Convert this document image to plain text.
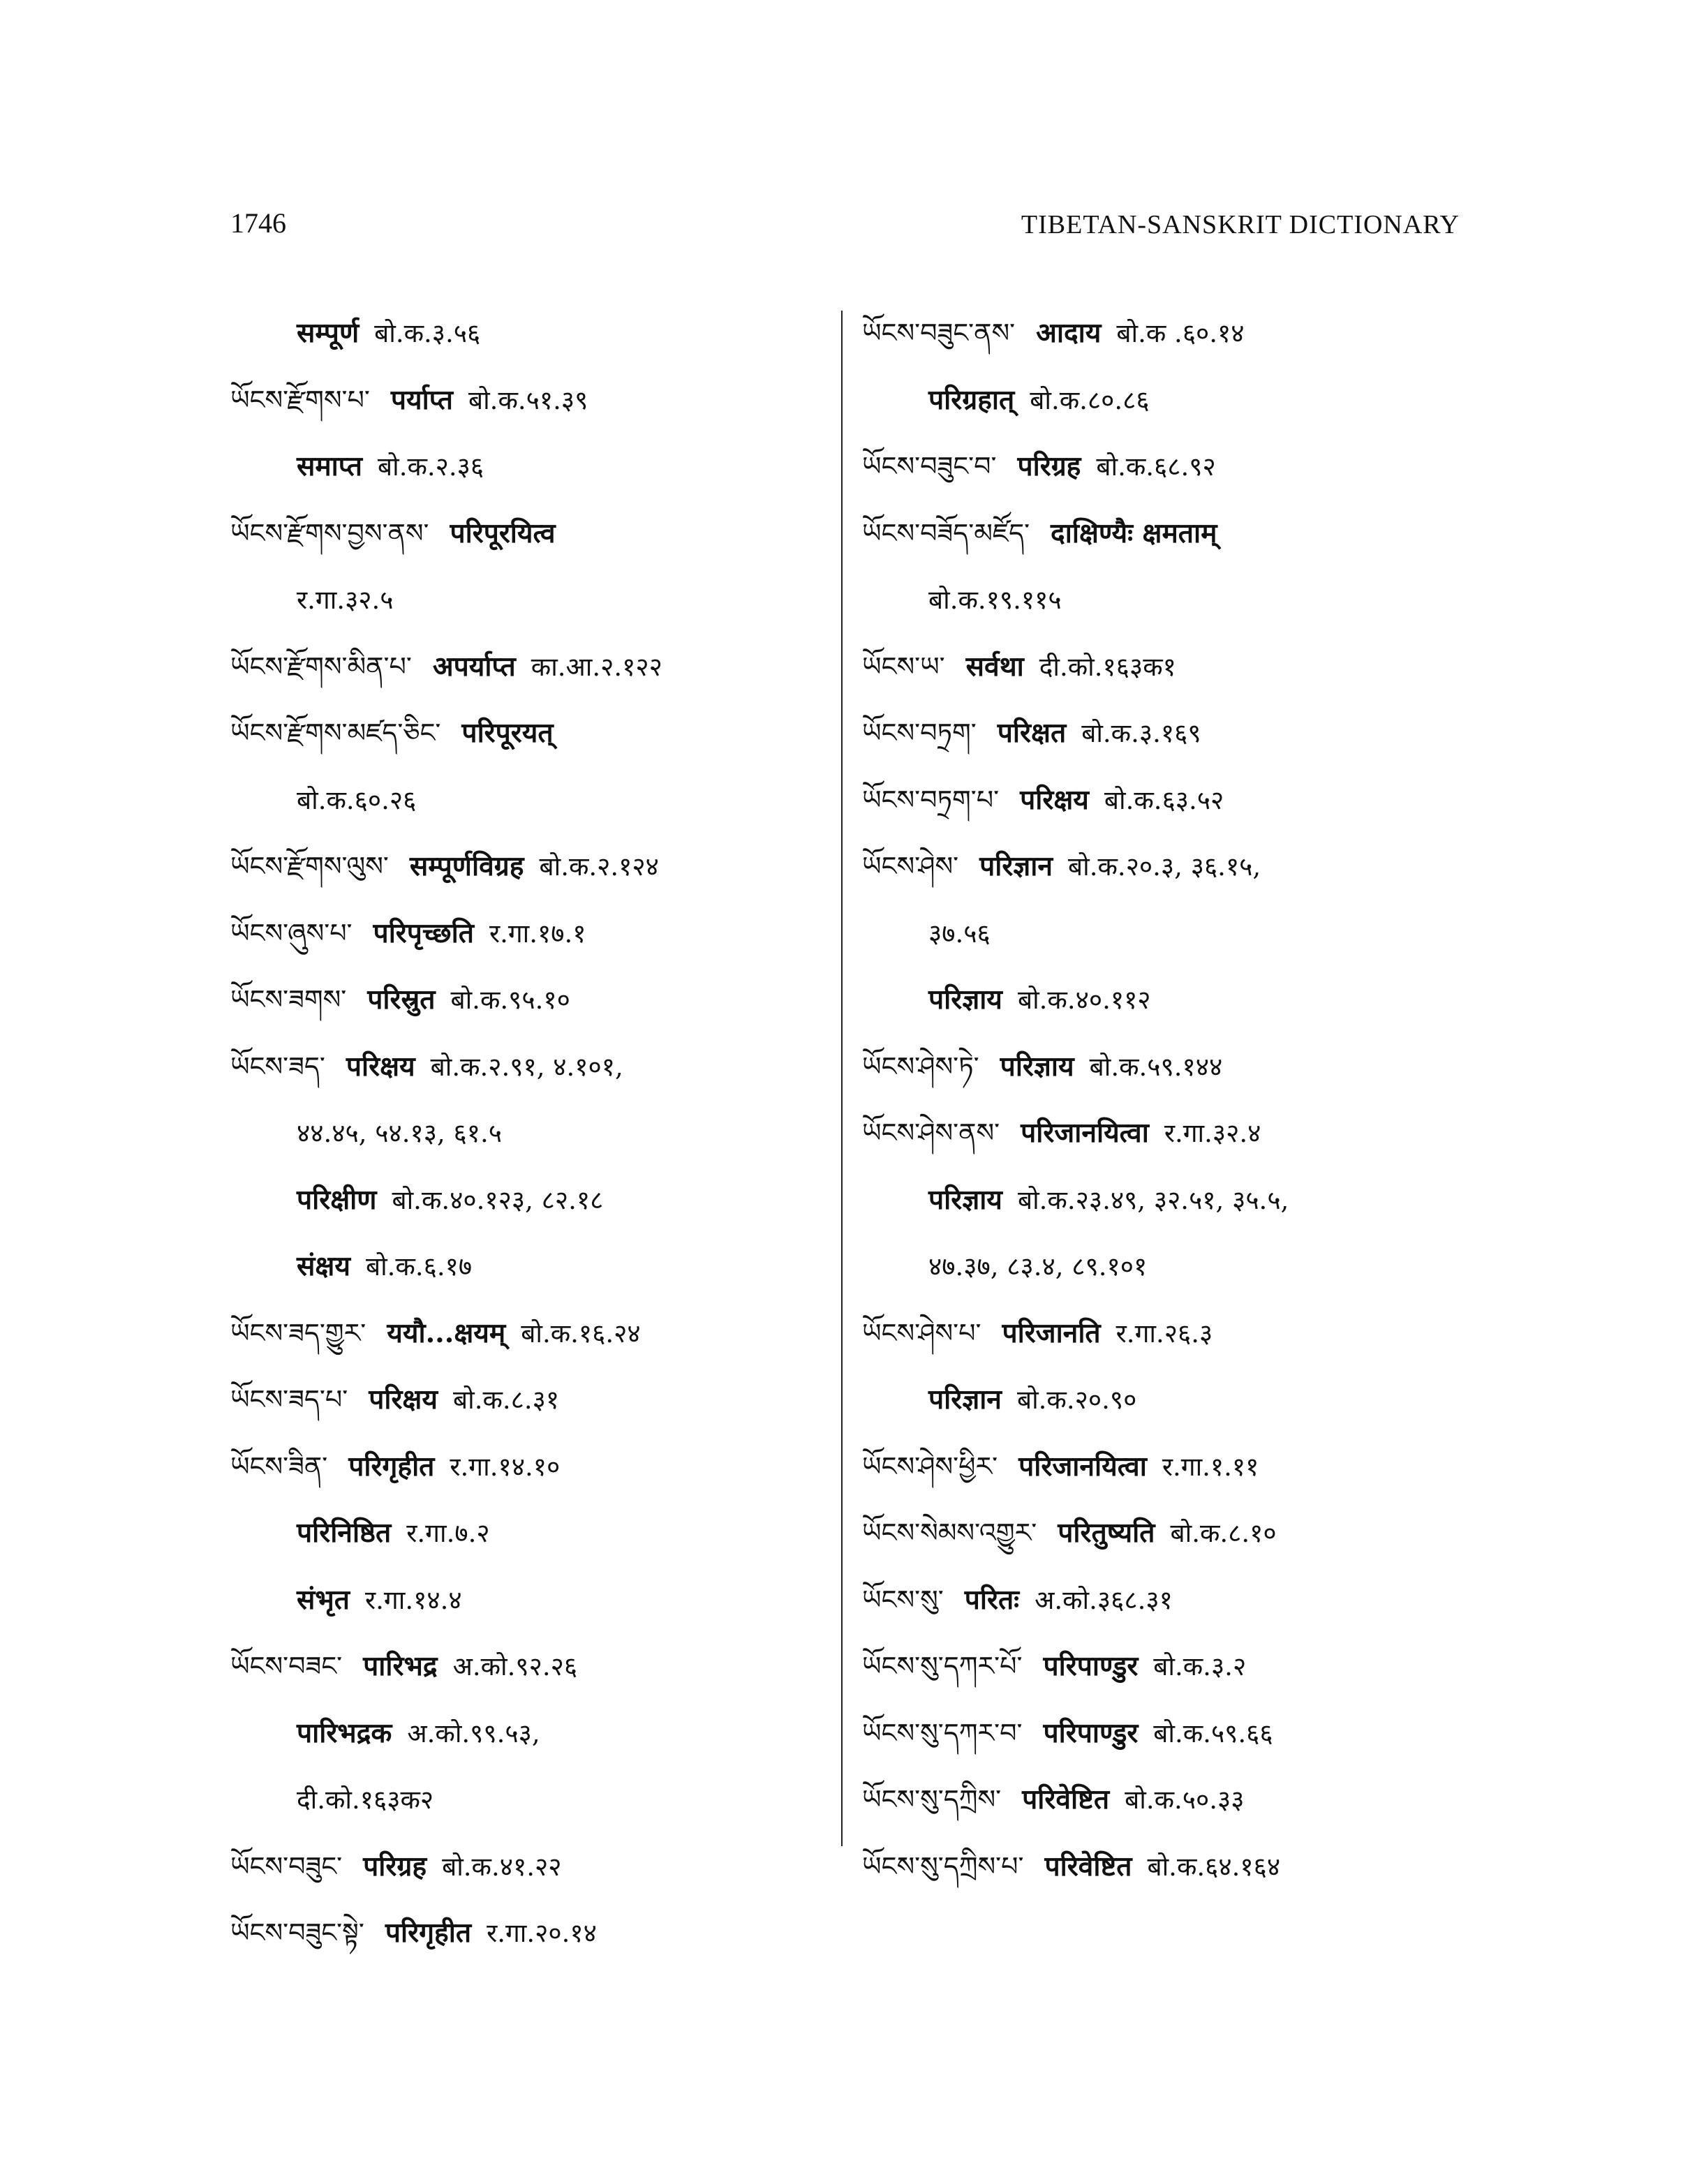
1746	TIBETAN-SANSKRIT DICTIONARY
सम्पूर्ण बो.क.३.५६
ཡོངས་རྫོགས་པ་ पर्याप्त बो.क.५१.३९
समाप्त बो.क.२.३६
ཡོངས་རྫོགས་བྱས་ནས་ परिपूरयित्व
र.गा.३२.५
ཡོངས་རྫོགས་མིན་པ་ अपर्याप्त का.आ.२.१२२
ཡོངས་རྫོགས་མཛད་ཅིང་ परिपूरयत्
बो.क.६०.२६
ཡོངས་རྫོགས་ལུས་ सम्पूर्णविग्रह बो.क.२.१२४
ཡོངས་ཞུས་པ་ परिपृच्छति र.गा.१७.१
ཡོངས་ཟགས་ परिस्रुत बो.क.९५.१०
ཡོངས་ཟད་ परिक्षय बो.क.२.९१, ४.१०१,
४४.४५, ५४.१३, ६१.५
परिक्षीण बो.क.४०.१२३, ८२.१८
संक्षय बो.क.६.१७
ཡོངས་ཟད་གྱུར་ ययौ...क्षयम् बो.क.१६.२४
ཡོངས་ཟད་པ་ परिक्षय बो.क.८.३१
ཡོངས་ཟིན་ परिगृहीत र.गा.१४.१०
परिनिष्ठित र.गा.७.२
संभृत र.गा.१४.४
ཡོངས་བཟང་ पारिभद्र अ.को.९२.२६
पारिभद्रक अ.को.९९.५३,
दी.को.१६३क२
ཡོངས་བཟུང་ परिग्रह बो.क.४१.२२
ཡོངས་བཟུང་སྟེ་ परिगृहीत र.गा.२०.१४
ཡོངས་བཟུང་ནས་ आदाय बो.क .६०.१४
परिग्रहात् बो.क.८०.८६
ཡོངས་བཟུང་བ་ परिग्रह बो.क.६८.९२
ཡོངས་བཟོད་མཛོད་ दाक्षिण्यैः क्षमताम्
बो.क.१९.११५
ཡོངས་ཡ་ सर्वथा दी.को.१६३क१
ཡོངས་བཏྲག་ परिक्षत बो.क.३.१६९
ཡོངས་བཏྲག་པ་ परिक्षय बो.क.६३.५२
ཡོངས་ཤེས་ परिज्ञान बो.क.२०.३, ३६.१५,
३७.५६
परिज्ञाय बो.क.४०.११२
ཡོངས་ཤེས་ཏེ་ परिज्ञाय बो.क.५९.१४४
ཡོངས་ཤེས་ནས་ परिजानयित्वा र.गा.३२.४
परिज्ञाय बो.क.२३.४९, ३२.५१, ३५.५,
४७.३७, ८३.४, ८९.१०१
ཡོངས་ཤེས་པ་ परिजानति र.गा.२६.३
परिज्ञान बो.क.२०.९०
ཡོངས་ཤེས་ཕྱིར་ परिजानयित्वा र.गा.१.११
ཡོངས་སེམས་འགྱུར་ परितुष्यति बो.क.८.१०
ཡོངས་སུ་ परितः अ.को.३६८.३१
ཡོངས་སུ་དཀར་པོ་ परिपाण्डुर बो.क.३.२
ཡོངས་སུ་དཀར་བ་ परिपाण्डुर बो.क.५९.६६
ཡོངས་སུ་དཀྲིས་ परिवेष्टित बो.क.५०.३३
ཡོངས་སུ་དཀྲིས་པ་ परिवेष्टित बो.क.६४.१६४
